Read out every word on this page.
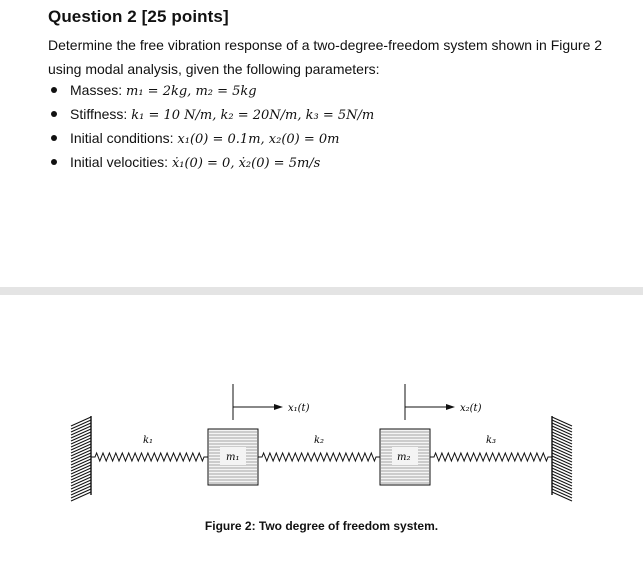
Question 2 [25 points]
Determine the free vibration response of a two-degree-freedom system shown in Figure 2 using modal analysis, given the following parameters:
Masses: m₁ = 2kg, m₂ = 5kg
Stiffness: k₁ = 10 N/m, k₂ = 20N/m, k₃ = 5N/m
Initial conditions: x₁(0) = 0.1m, x₂(0) = 0m
Initial velocities: ẋ₁(0) = 0, ẋ₂(0) = 5m/s
x₁(t)	x₂(t)
k₁	k₂	k₃
m₁	m₂
Figure 2: Two degree of freedom system.
